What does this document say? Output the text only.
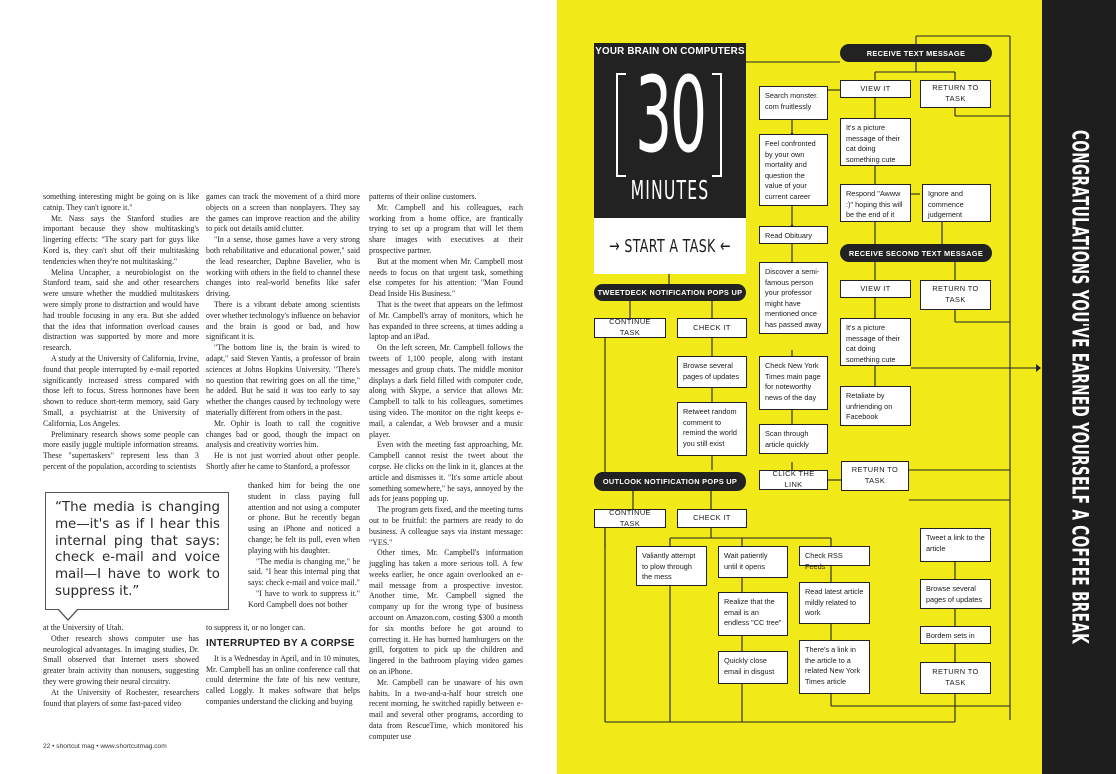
something interesting might be going on is like catnip. They can't ignore it."

Mr. Nass says the Stanford studies are important because they show multitasking's lingering effects: "The scary part for guys like Kord is, they can't shut off their multitasking tendencies when they're not multitasking."

Melina Uncapher, a neurobiologist on the Stanford team, said she and other researchers were unsure whether the muddied multitaskers were simply prone to distraction and would have had trouble focusing in any era. But she added that the idea that information overload causes distraction was supported by more and more research.

A study at the University of California, Irvine, found that people interrupted by e-mail reported significantly increased stress compared with those left to focus. Stress hormones have been shown to reduce short-term memory, said Gary Small, a psychiatrist at the University of California, Los Angeles.

Preliminary research shows some people can more easily juggle multiple information streams. These "supertaskers" represent less than 3 percent of the population, according to scientists

at the University of Utah.

Other research shows computer use has neurological advantages. In imaging studies, Dr. Small observed that Internet users showed greater brain activity than nonusers, suggesting they were growing their neural circuitry.

At the University of Rochester, researchers found that players of some fast-paced video

“The media is changing me—it's as if I hear this internal ping that says: check e-mail and voice mail—I have to work to suppress it.”

games can track the movement of a third more objects on a screen than nonplayers. They say the games can improve reaction and the ability to pick out details amid clutter.

"In a sense, those games have a very strong both rehabilitative and educational power," said the lead researcher, Daphne Bavelier, who is working with others in the field to channel these changes into real-world benefits like safer driving.

There is a vibrant debate among scientists over whether technology's influence on behavior and the brain is good or bad, and how significant it is.

"The bottom line is, the brain is wired to adapt," said Steven Yantis, a professor of brain sciences at Johns Hopkins University. "There's no question that rewiring goes on all the time," he added. But he said it was too early to say whether the changes caused by technology were materially different from others in the past.

Mr. Ophir is loath to call the cognitive changes bad or good, though the impact on analysis and creativity worries him.

He is not just worried about other people. Shortly after he came to Stanford, a professor

thanked him for being the one student in class paying full attention and not using a computer or phone. But he recently began using an iPhone and noticed a change; he felt its pull, even when playing with his daughter.

"The media is changing me," he said. "I hear this internal ping that says: check e-mail and voice mail."

"I have to work to suppress it." Kord Campbell does not bother

to suppress it, or no longer can.

INTERRUPTED BY A CORPSE

It is a Wednesday in April, and in 10 minutes, Mr. Campbell has an online conference call that could determine the fate of his new venture, called Loggly. It makes software that helps companies understand the clicking and buying

patterns of their online customers.

Mr. Campbell and his colleagues, each working from a home office, are frantically trying to set up a program that will let them share images with executives at their prospective partner.

But at the moment when Mr. Campbell most needs to focus on that urgent task, something else competes for his attention: "Man Found Dead Inside His Business."

That is the tweet that appears on the leftmost of Mr. Campbell's array of monitors, which he has expanded to three screens, at times adding a laptop and an iPad.

On the left screen, Mr. Campbell follows the tweets of 1,100 people, along with instant messages and group chats. The middle monitor displays a dark field filled with computer code, along with Skype, a service that allows Mr. Campbell to talk to his colleagues, sometimes using video. The monitor on the right keeps e-mail, a calendar, a Web browser and a music player.

Even with the meeting fast approaching, Mr. Campbell cannot resist the tweet about the corpse. He clicks on the link in it, glances at the article and dismisses it. "It's some article about something somewhere," he says, annoyed by the ads for jeans popping up.

The program gets fixed, and the meeting turns out to be fruitful: the partners are ready to do business. A colleague says via instant message: "YES."

Other times, Mr. Campbell's information juggling has taken a more serious toll. A few weeks earlier, he once again overlooked an e-mail message from a prospective investor. Another time, Mr. Campbell signed the company up for the wrong type of business account on Amazon.com, costing $300 a month for six months before he got around to correcting it. He has burned hamburgers on the grill, forgotten to pick up the children and lingered in the bathroom playing video games on an iPhone.

Mr. Campbell can be unaware of his own habits. In a two-and-a-half hour stretch one recent morning, he switched rapidly between e-mail and several other programs, according to data from RescueTime, which monitored his computer use

22 • shortcut mag • www.shortcutmag.com
YOUR BRAIN ON COMPUTERS
30
MINUTES
→ START A TASK ←
TWEETDECK NOTIFICATION POPS UP
OUTLOOK NOTIFICATION POPS UP
RECEIVE TEXT MESSAGE
RECEIVE SECOND TEXT MESSAGE
CONTINUE TASK
CHECK IT
Browse several pages of updates
Retweet random comment to remind the world you still exist
CONTINUE TASK
CHECK IT
Search monster. com fruitlessly
Feel confronted by your own mortality and question the value of your current career
Read Obituary
Discover a semi-famous person your professor might have mentioned once has passed away
Check New York Times main page for noteworthy news of the day
Scan through article quickly
CLICK THE LINK
RETURN TO TASK
VIEW IT	RETURN TO TASK
It's a picture message of their cat doing something cute
Respond "Awww :)" hoping this will be the end of it
Ignore and commence judgement
VIEW IT	RETURN TO TASK
It's a picture message of their cat doing something cute
Retaliate by unfriending on Facebook
Valiantly attempt to plow through the mess
Wait patiently until it opens
Check RSS Feeds
Realize that the email is an endless "CC tree"
Read latest article mildly related to work
There's a link in the article to a related New York Times article
Quickly close email in disgust
Tweet a link to the article
Browse several pages of updates
Bordem sets in
RETURN TO TASK
CONGRATULATIONS YOU'VE EARNED YOURSELF A COFFEE BREAK
